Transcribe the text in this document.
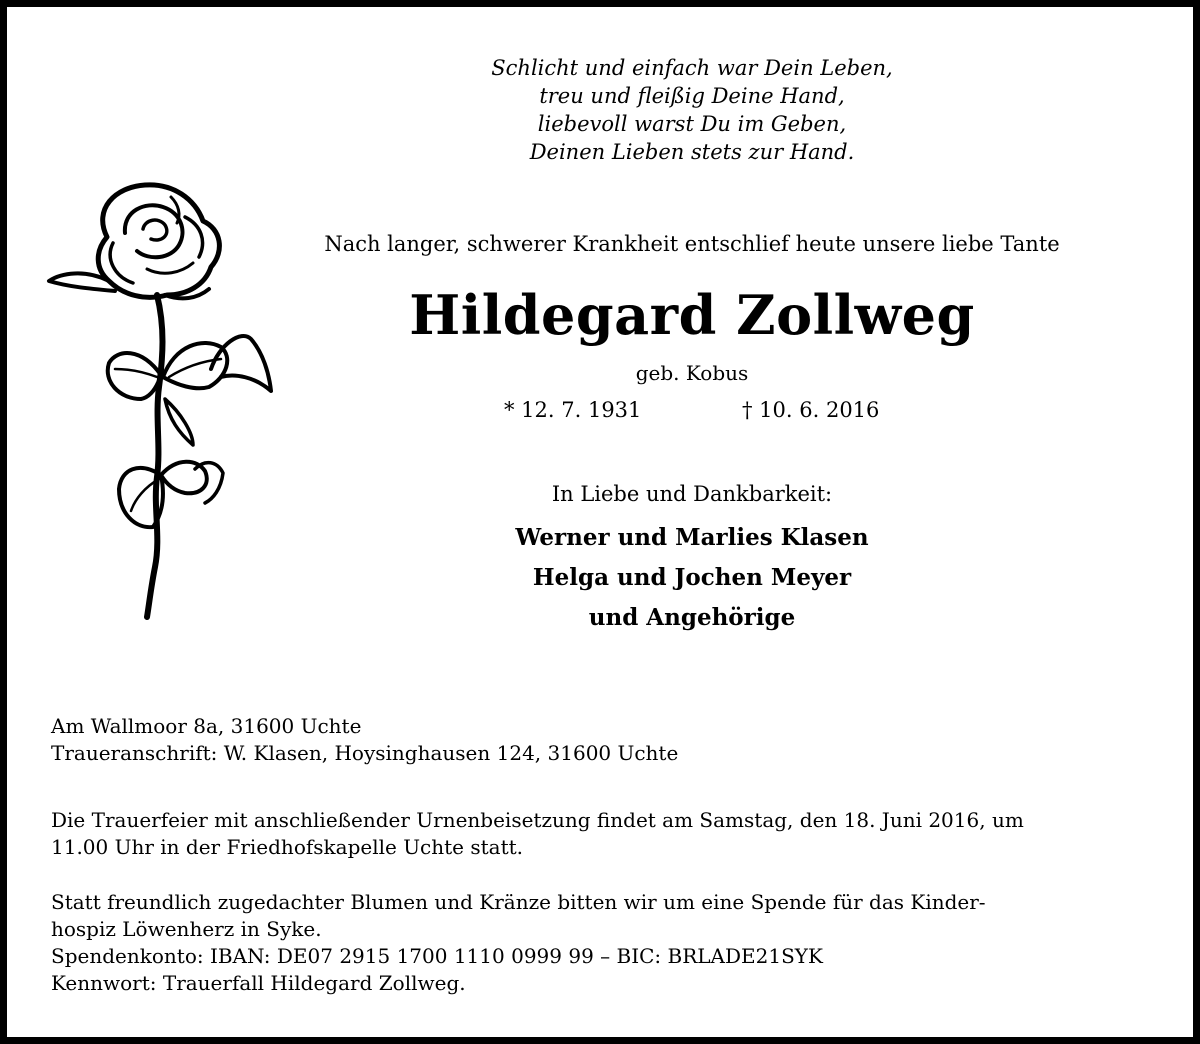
Schlicht und einfach war Dein Leben,
treu und fleißig Deine Hand,
liebevoll warst Du im Geben,
Deinen Lieben stets zur Hand.
Nach langer, schwerer Krankheit entschlief heute unsere liebe Tante
Hildegard Zollweg
geb. Kobus
* 12. 7. 1931	† 10. 6. 2016
In Liebe und Dankbarkeit:
Werner und Marlies Klasen
Helga und Jochen Meyer
und Angehörige
Am Wallmoor 8a, 31600 Uchte
Traueranschrift: W. Klasen, Hoysinghausen 124, 31600 Uchte
Die Trauerfeier mit anschließender Urnenbeisetzung findet am Samstag, den 18. Juni 2016, um
11.00 Uhr in der Friedhofskapelle Uchte statt.
Statt freundlich zugedachter Blumen und Kränze bitten wir um eine Spende für das Kinder-
hospiz Löwenherz in Syke.
Spendenkonto: IBAN: DE07 2915 1700 1110 0999 99 – BIC: BRLADE21SYK
Kennwort: Trauerfall Hildegard Zollweg.
